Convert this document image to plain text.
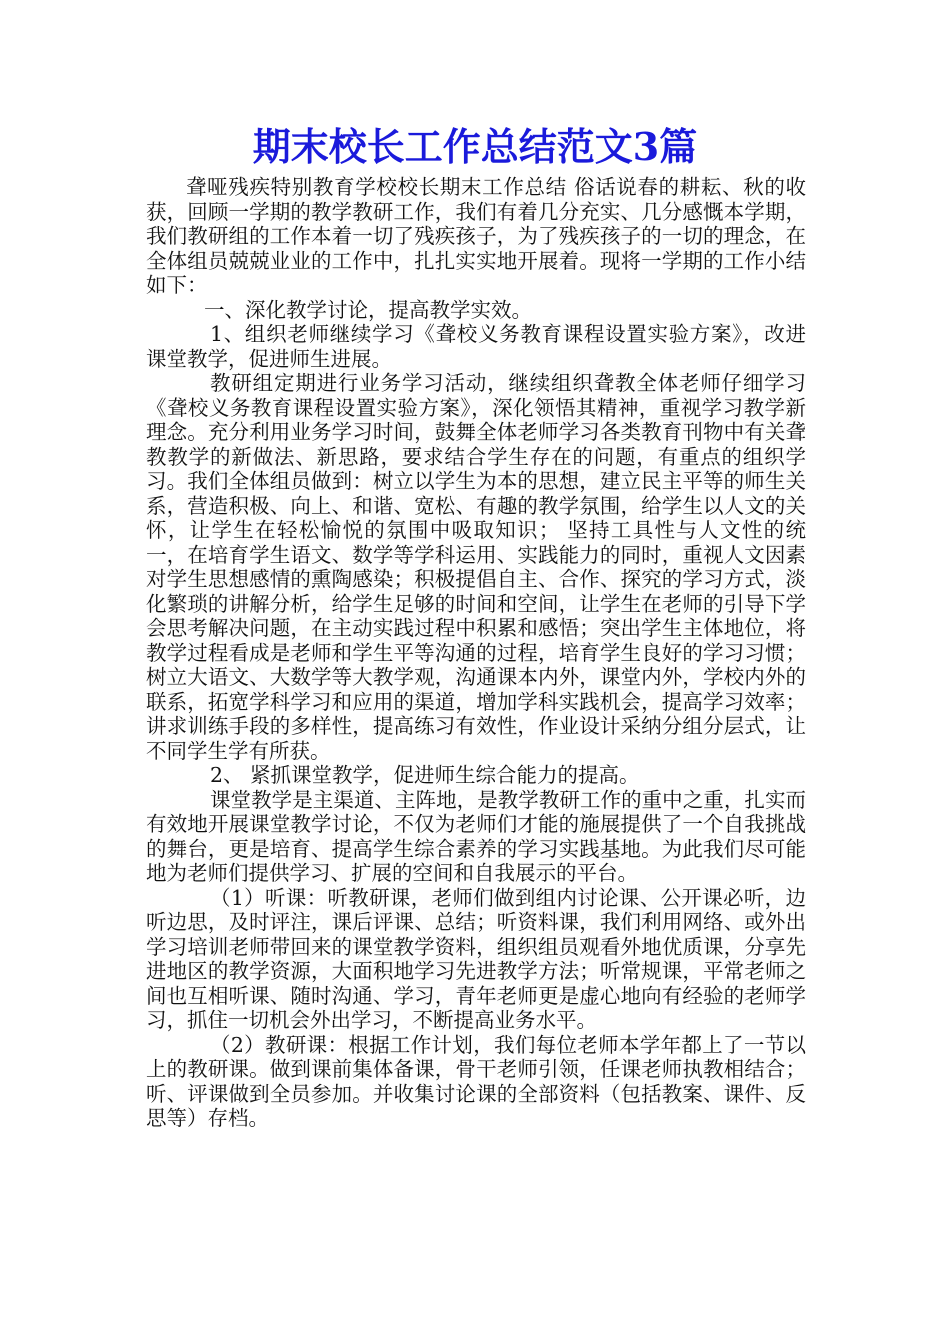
期末校长工作总结范文3篇

聋哑残疾特别教育学校校长期末工作总结 俗话说春的耕耘、秋的收获，回顾一学期的教学教研工作，我们有着几分充实、几分感慨本学期，我们教研组的工作本着一切了残疾孩子，为了残疾孩子的一切的理念，在全体组员兢兢业业的工作中，扎扎实实地开展着。现将一学期的工作小结如下：

一、深化教学讨论，提高教学实效。

1、组织老师继续学习《聋校义务教育课程设置实验方案》，改进课堂教学，促进师生进展。

教研组定期进行业务学习活动，继续组织聋教全体老师仔细学习《聋校义务教育课程设置实验方案》，深化领悟其精神，重视学习教学新理念。充分利用业务学习时间，鼓舞全体老师学习各类教育刊物中有关聋教教学的新做法、新思路，要求结合学生存在的问题，有重点的组织学习。我们全体组员做到：树立以学生为本的思想，建立民主平等的师生关系，营造积极、向上、和谐、宽松、有趣的教学氛围，给学生以人文的关怀，让学生在轻松愉悦的氛围中吸取知识； 坚持工具性与人文性的统一，在培育学生语文、数学等学科运用、实践能力的同时，重视人文因素对学生思想感情的熏陶感染；积极提倡自主、合作、探究的学习方式，淡化繁琐的讲解分析，给学生足够的时间和空间，让学生在老师的引导下学会思考解决问题，在主动实践过程中积累和感悟；突出学生主体地位，将教学过程看成是老师和学生平等沟通的过程，培育学生良好的学习习惯；树立大语文、大数学等大教学观，沟通课本内外，课堂内外，学校内外的联系，拓宽学科学习和应用的渠道，增加学科实践机会，提高学习效率；讲求训练手段的多样性，提高练习有效性，作业设计采纳分组分层式，让不同学生学有所获。

2、 紧抓课堂教学，促进师生综合能力的提高。

课堂教学是主渠道、主阵地，是教学教研工作的重中之重，扎实而有效地开展课堂教学讨论，不仅为老师们才能的施展提供了一个自我挑战的舞台，更是培育、提高学生综合素养的学习实践基地。为此我们尽可能地为老师们提供学习、扩展的空间和自我展示的平台。

（1）听课：听教研课，老师们做到组内讨论课、公开课必听，边听边思，及时评注，课后评课、总结；听资料课，我们利用网络、或外出学习培训老师带回来的课堂教学资料，组织组员观看外地优质课，分享先进地区的教学资源，大面积地学习先进教学方法；听常规课，平常老师之间也互相听课、随时沟通、学习，青年老师更是虚心地向有经验的老师学习，抓住一切机会外出学习，不断提高业务水平。

（2）教研课：根据工作计划，我们每位老师本学年都上了一节以上的教研课。做到课前集体备课，骨干老师引领，任课老师执教相结合；听、评课做到全员参加。并收集讨论课的全部资料（包括教案、课件、反思等）存档。
